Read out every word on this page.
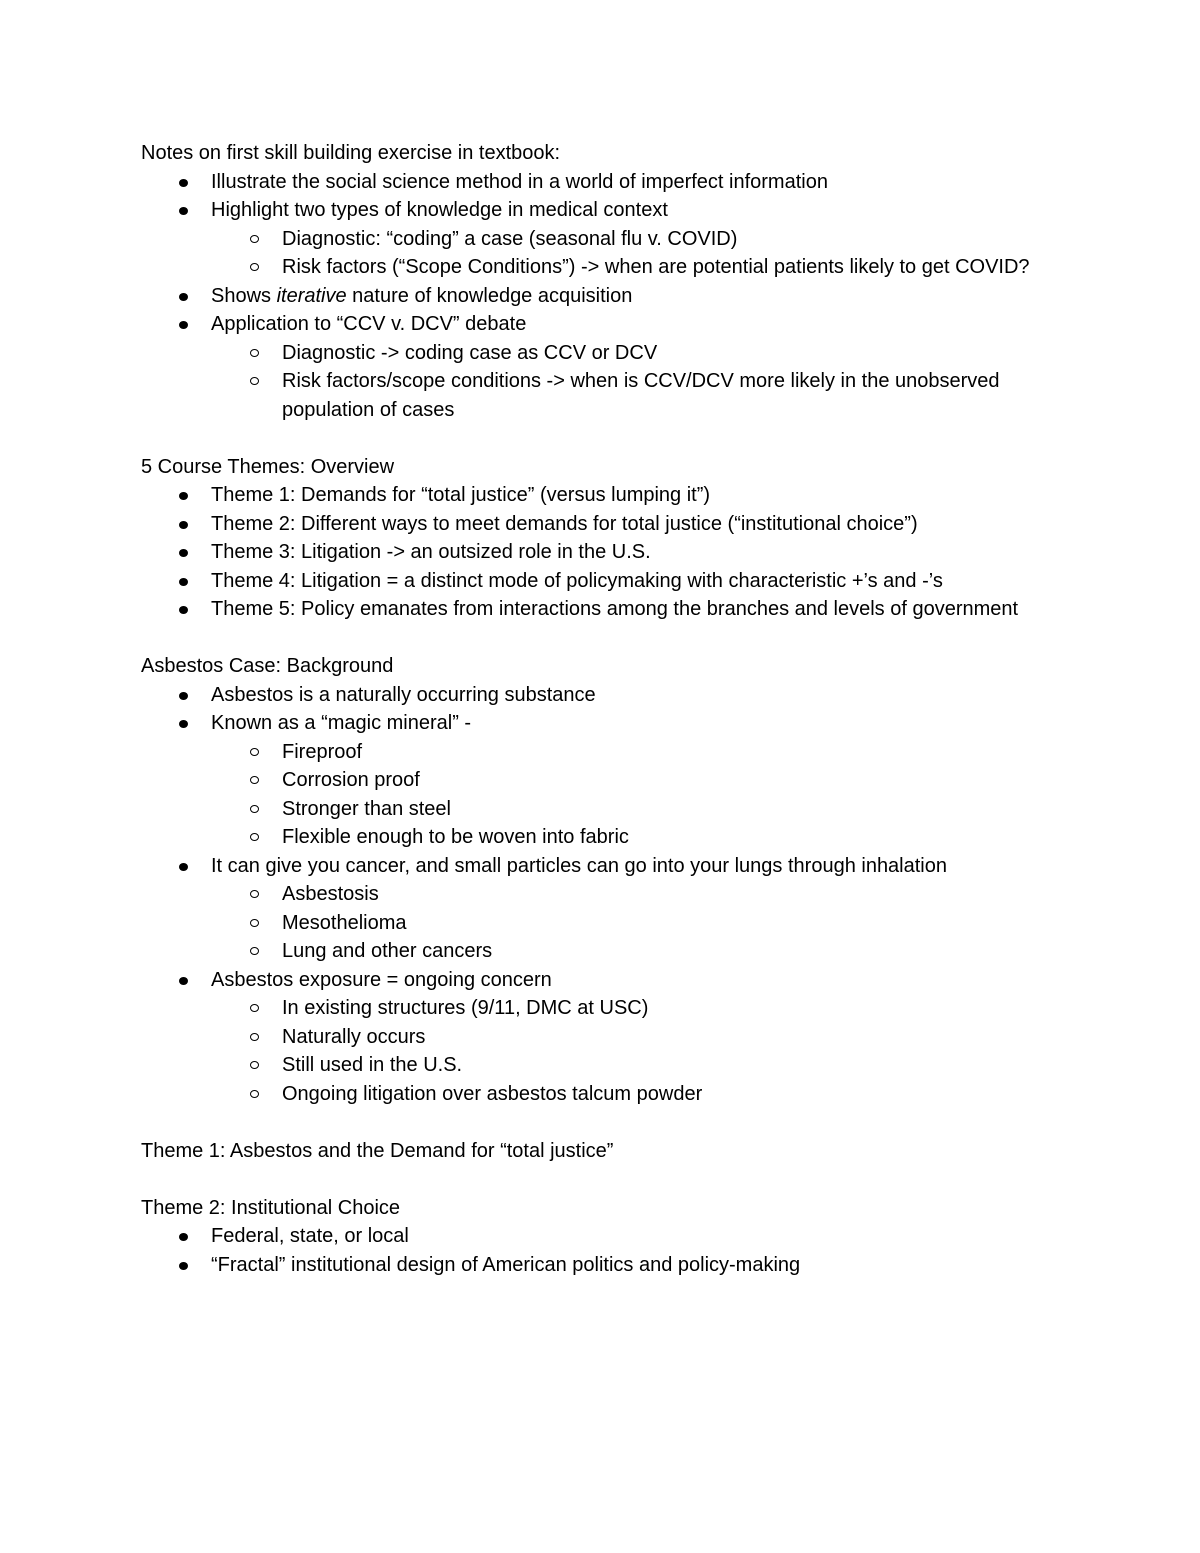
Notes on first skill building exercise in textbook:

Illustrate the social science method in a world of imperfect information
Highlight two types of knowledge in medical context
Diagnostic: “coding” a case (seasonal flu v. COVID)
Risk factors (“Scope Conditions”) -> when are potential patients likely to get COVID?
Shows iterative nature of knowledge acquisition
Application to “CCV v. DCV” debate
Diagnostic -> coding case as CCV or DCV
Risk factors/scope conditions -> when is CCV/DCV more likely in the unobserved population of cases

5 Course Themes: Overview

Theme 1: Demands for “total justice” (versus lumping it”)
Theme 2: Different ways to meet demands for total justice (“institutional choice”)
Theme 3: Litigation -> an outsized role in the U.S.
Theme 4: Litigation = a distinct mode of policymaking with characteristic +’s and -’s
Theme 5: Policy emanates from interactions among the branches and levels of government

Asbestos Case: Background

Asbestos is a naturally occurring substance
Known as a “magic mineral” -
Fireproof
Corrosion proof
Stronger than steel
Flexible enough to be woven into fabric
It can give you cancer, and small particles can go into your lungs through inhalation
Asbestosis
Mesothelioma
Lung and other cancers
Asbestos exposure = ongoing concern
In existing structures (9/11, DMC at USC)
Naturally occurs
Still used in the U.S.
Ongoing litigation over asbestos talcum powder

Theme 1: Asbestos and the Demand for “total justice”

Theme 2: Institutional Choice

Federal, state, or local
“Fractal” institutional design of American politics and policy-making
